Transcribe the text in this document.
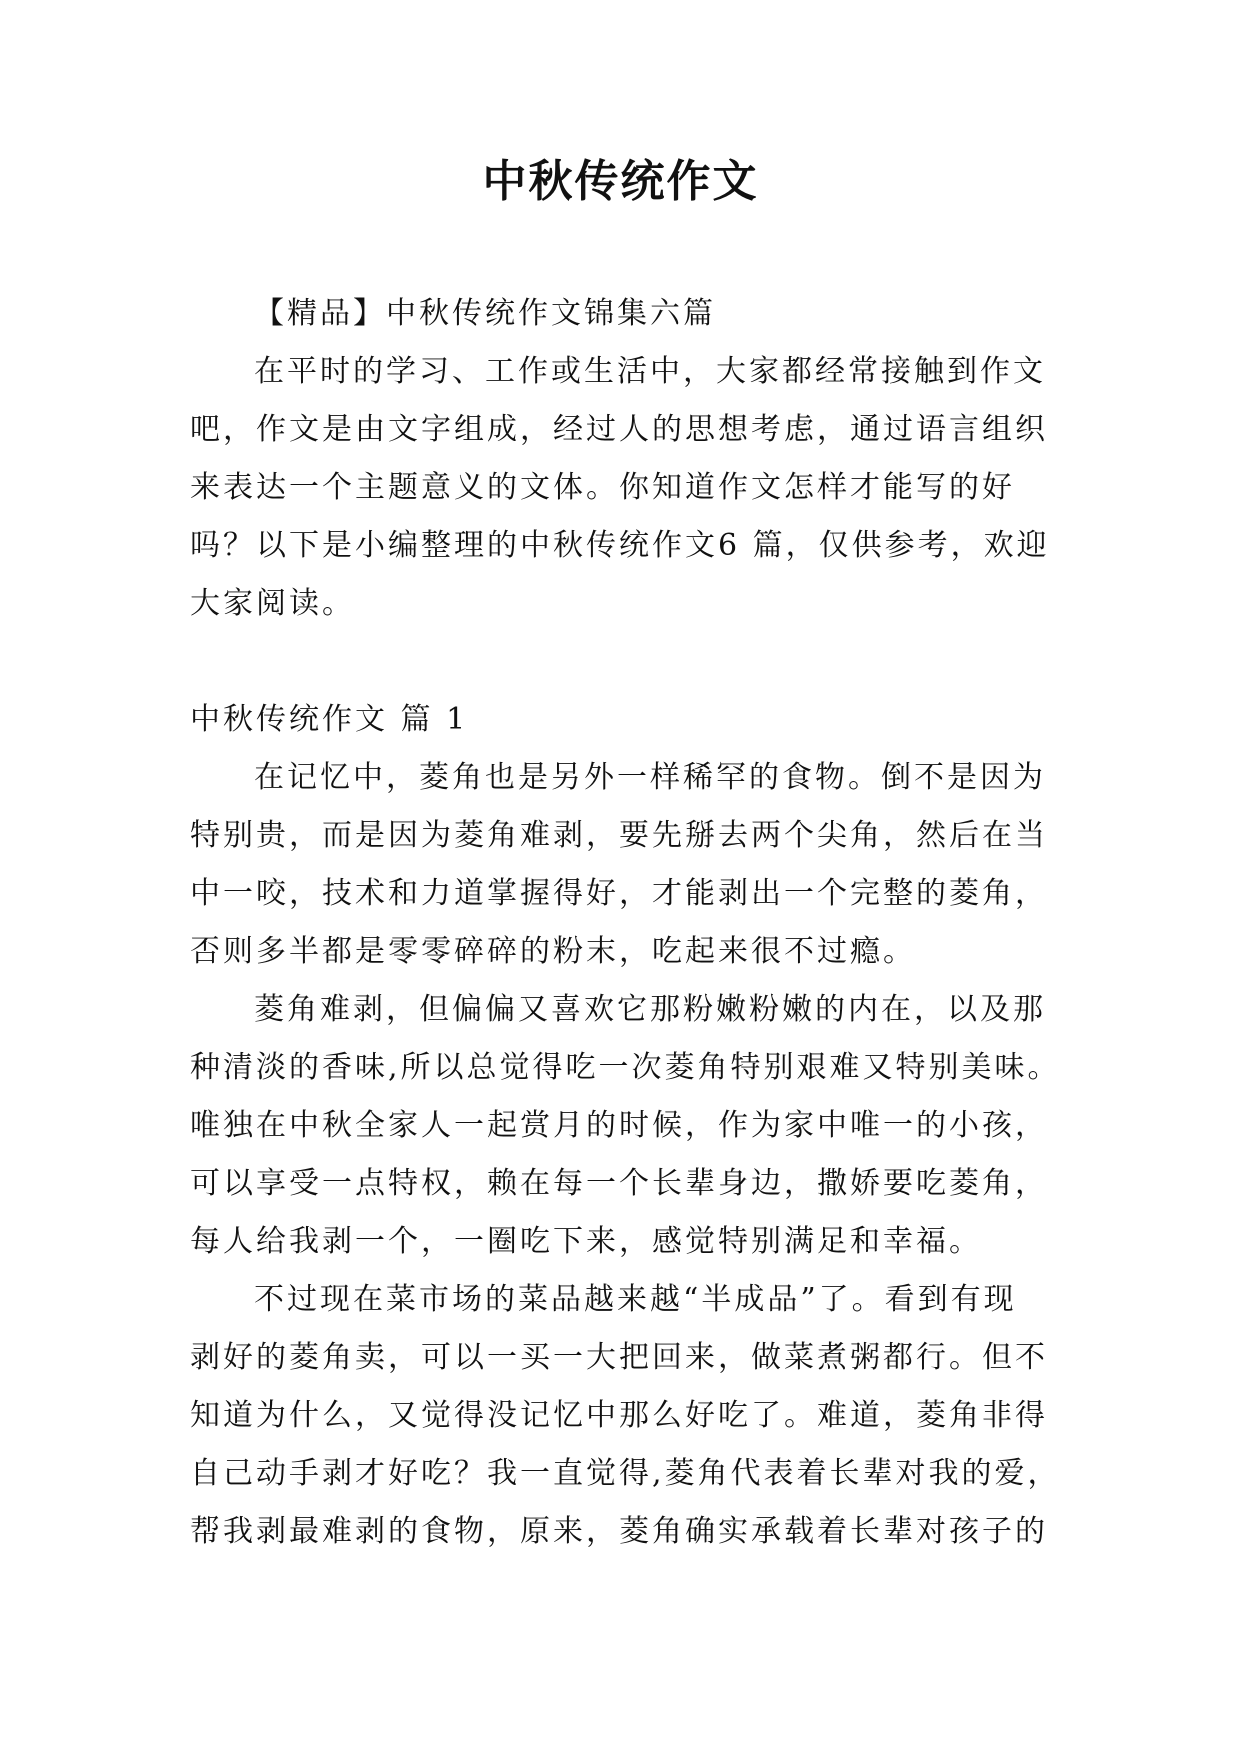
中秋传统作文
【精品】中秋传统作文锦集六篇
在平时的学习、工作或生活中，大家都经常接触到作文
吧，作文是由文字组成，经过人的思想考虑，通过语言组织
来表达一个主题意义的文体。你知道作文怎样才能写的好
吗？以下是小编整理的中秋传统作文6 篇，仅供参考，欢迎
大家阅读。
中秋传统作文 篇 1
在记忆中，菱角也是另外一样稀罕的食物。倒不是因为
特别贵，而是因为菱角难剥，要先掰去两个尖角，然后在当
中一咬，技术和力道掌握得好，才能剥出一个完整的菱角，
否则多半都是零零碎碎的粉末，吃起来很不过瘾。
菱角难剥，但偏偏又喜欢它那粉嫩粉嫩的内在，以及那
种清淡的香味,所以总觉得吃一次菱角特别艰难又特别美味。
唯独在中秋全家人一起赏月的时候，作为家中唯一的小孩，
可以享受一点特权，赖在每一个长辈身边，撒娇要吃菱角，
每人给我剥一个，一圈吃下来，感觉特别满足和幸福。
不过现在菜市场的菜品越来越“半成品”了。看到有现
剥好的菱角卖，可以一买一大把回来，做菜煮粥都行。但不
知道为什么，又觉得没记忆中那么好吃了。难道，菱角非得
自己动手剥才好吃？我一直觉得,菱角代表着长辈对我的爱，
帮我剥最难剥的食物，原来，菱角确实承载着长辈对孩子的
